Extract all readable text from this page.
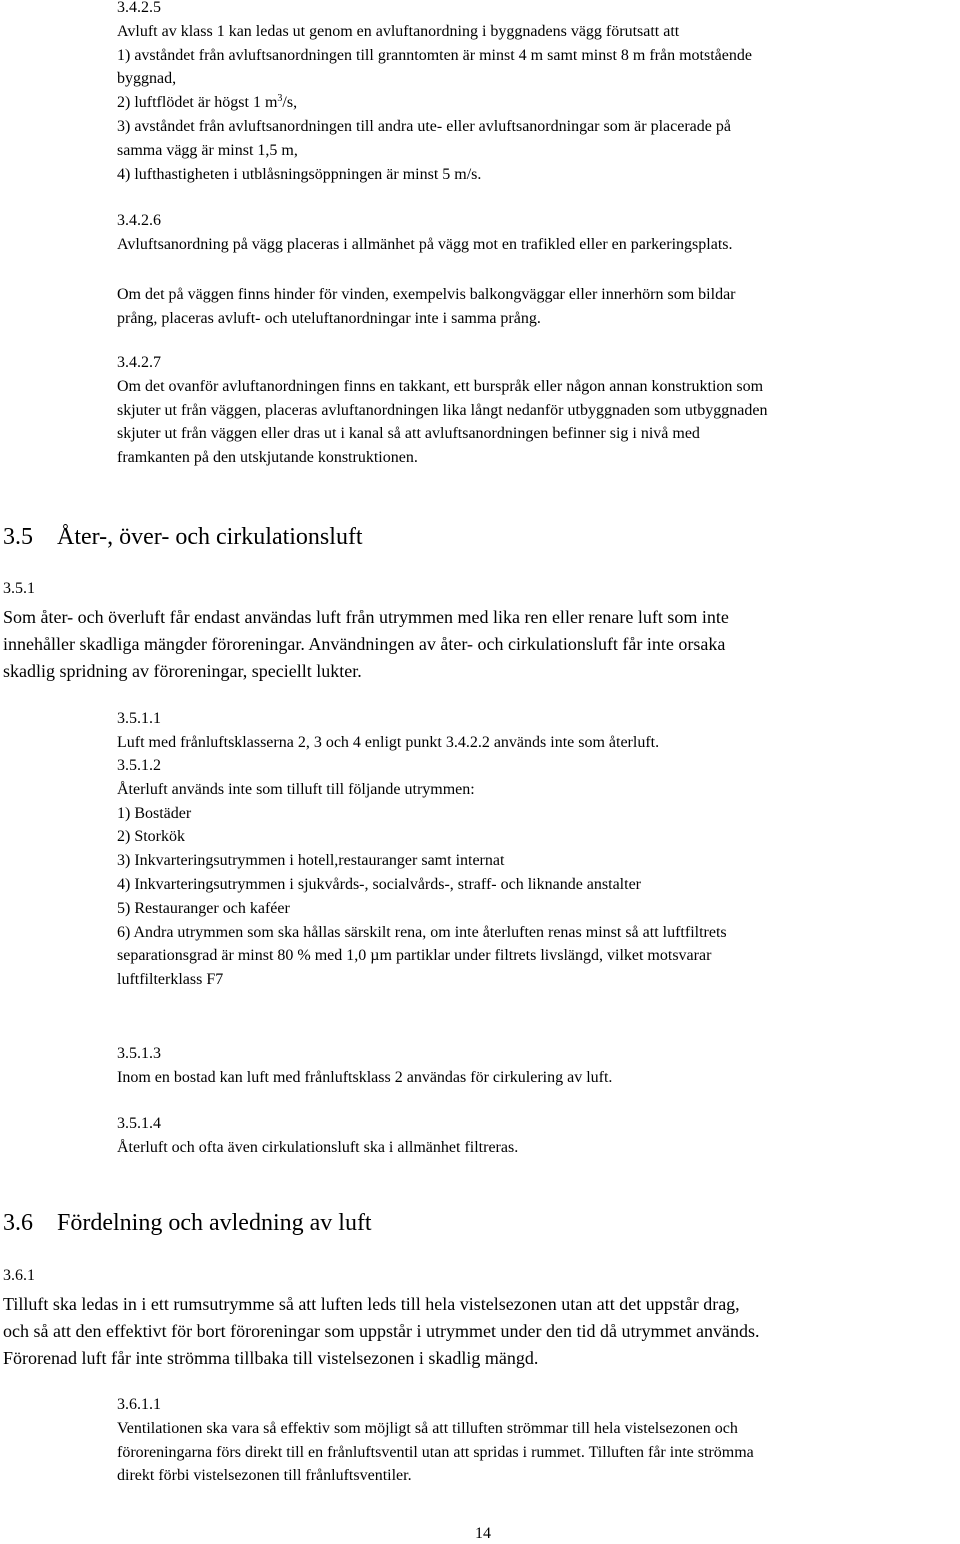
3.4.2.5
Avluft av klass 1 kan ledas ut genom en avluftanordning i byggnadens vägg förutsatt att
1) avståndet från avluftsanordningen till granntomten är minst 4 m samt minst 8 m från motstående
byggnad,
2) luftflödet är högst 1 $m^3/s$,
3) avståndet från avluftsanordningen till andra ute- eller avluftsanordningar som är placerade på
samma vägg är minst 1,5 m,
4) lufthastigheten i utblåsningsöppningen är minst 5 m/s.
3.4.2.6
Avluftsanordning på vägg placeras i allmänhet på vägg mot en trafikled eller en parkeringsplats.
Om det på väggen finns hinder för vinden, exempelvis balkongväggar eller innerhörn som bildar
prång, placeras avluft- och uteluftanordningar inte i samma prång.
3.4.2.7
Om det ovanför avluftanordningen finns en takkant, ett burspråk eller någon annan konstruktion som
skjuter ut från väggen, placeras avluftanordningen lika långt nedanför utbyggnaden som utbyggnaden
skjuter ut från väggen eller dras ut i kanal så att avluftsanordningen befinner sig i nivå med
framkanten på den utskjutande konstruktionen.
3.5 Åter-, över- och cirkulationsluft
3.5.1
Som åter- och överluft får endast användas luft från utrymmen med lika ren eller renare luft som inte
innehåller skadliga mängder föroreningar. Användningen av åter- och cirkulationsluft får inte orsaka
skadlig spridning av föroreningar, speciellt lukter.
3.5.1.1
Luft med frånluftsklasserna 2, 3 och 4 enligt punkt 3.4.2.2 används inte som återluft.
3.5.1.2
Återluft används inte som tilluft till följande utrymmen:
1) Bostäder
2) Storkök
3) Inkvarteringsutrymmen i hotell,restauranger samt internat
4) Inkvarteringsutrymmen i sjukvårds-, socialvårds-, straff- och liknande anstalter
5) Restauranger och kaféer
6) Andra utrymmen som ska hållas särskilt rena, om inte återluften renas minst så att luftfiltrets
separationsgrad är minst 80 % med 1,0 µm partiklar under filtrets livslängd, vilket motsvarar
luftfilterklass F7
3.5.1.3
Inom en bostad kan luft med frånluftsklass 2 användas för cirkulering av luft.
3.5.1.4
Återluft och ofta även cirkulationsluft ska i allmänhet filtreras.
3.6 Fördelning och avledning av luft
3.6.1
Tilluft ska ledas in i ett rumsutrymme så att luften leds till hela vistelsezonen utan att det uppstår drag,
och så att den effektivt för bort föroreningar som uppstår i utrymmet under den tid då utrymmet används.
Förorenad luft får inte strömma tillbaka till vistelsezonen i skadlig mängd.
3.6.1.1
Ventilationen ska vara så effektiv som möjligt så att tilluften strömmar till hela vistelsezonen och
föroreningarna förs direkt till en frånluftsventil utan att spridas i rummet. Tilluften får inte strömma
direkt förbi vistelsezonen till frånluftsventiler.
14
